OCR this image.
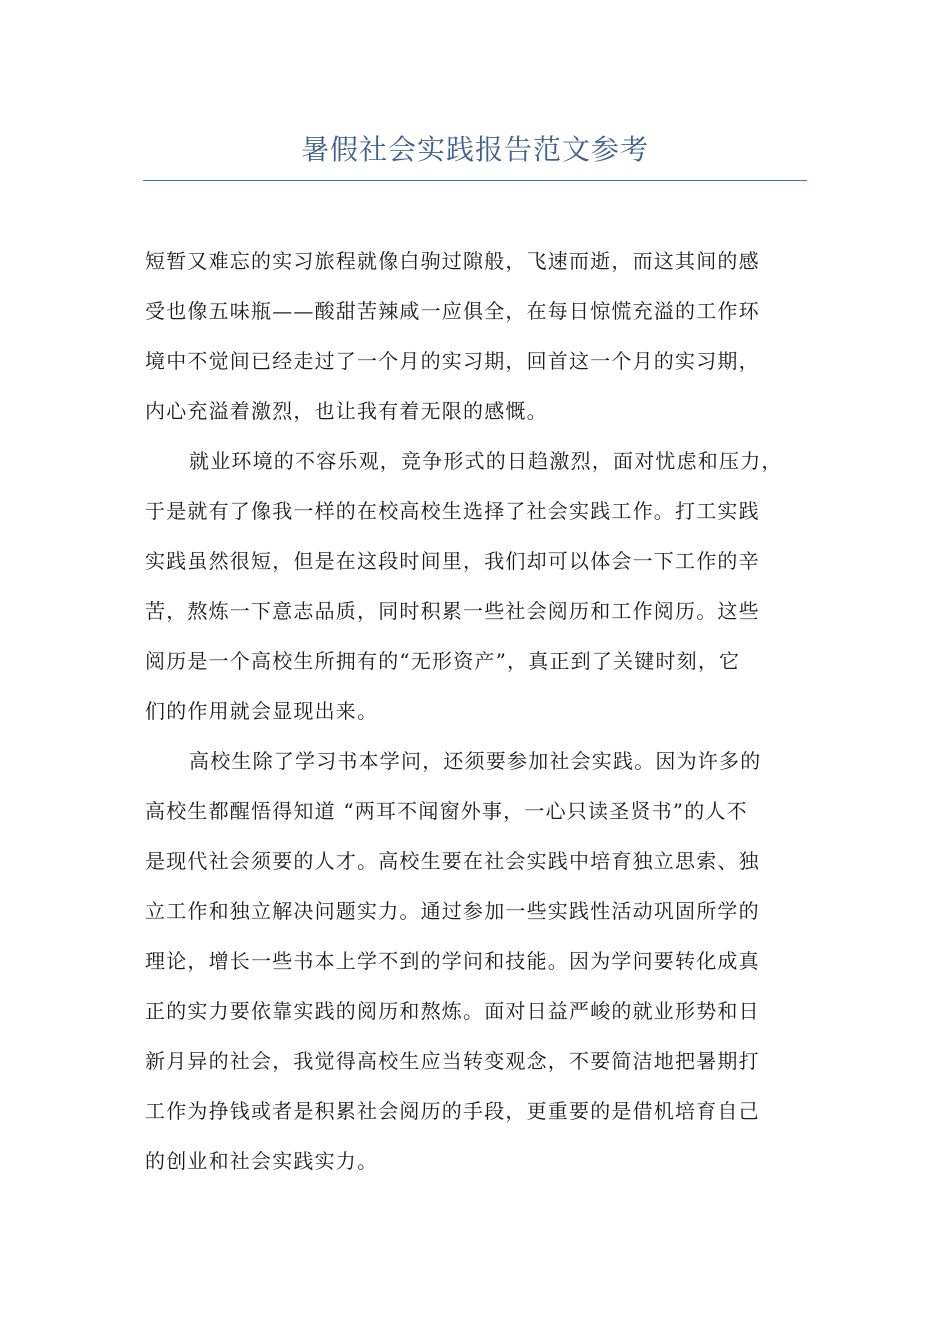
暑假社会实践报告范文参考

短暂又难忘的实习旅程就像白驹过隙般，飞速而逝，而这其间的感
受也像五味瓶——酸甜苦辣咸一应俱全，在每日惊慌充溢的工作环
境中不觉间已经走过了一个月的实习期，回首这一个月的实习期，
内心充溢着激烈，也让我有着无限的感慨。

就业环境的不容乐观，竞争形式的日趋激烈，面对忧虑和压力，
于是就有了像我一样的在校高校生选择了社会实践工作。打工实践
实践虽然很短，但是在这段时间里，我们却可以体会一下工作的辛
苦，熬炼一下意志品质，同时积累一些社会阅历和工作阅历。这些
阅历是一个高校生所拥有的“无形资产”，真正到了关键时刻，它
们的作用就会显现出来。

高校生除了学习书本学问，还须要参加社会实践。因为许多的
高校生都醒悟得知道 “两耳不闻窗外事，一心只读圣贤书”的人不
是现代社会须要的人才。高校生要在社会实践中培育独立思索、独
立工作和独立解决问题实力。通过参加一些实践性活动巩固所学的
理论，增长一些书本上学不到的学问和技能。因为学问要转化成真
正的实力要依靠实践的阅历和熬炼。面对日益严峻的就业形势和日
新月异的社会，我觉得高校生应当转变观念，不要简洁地把暑期打
工作为挣钱或者是积累社会阅历的手段，更重要的是借机培育自己
的创业和社会实践实力。
